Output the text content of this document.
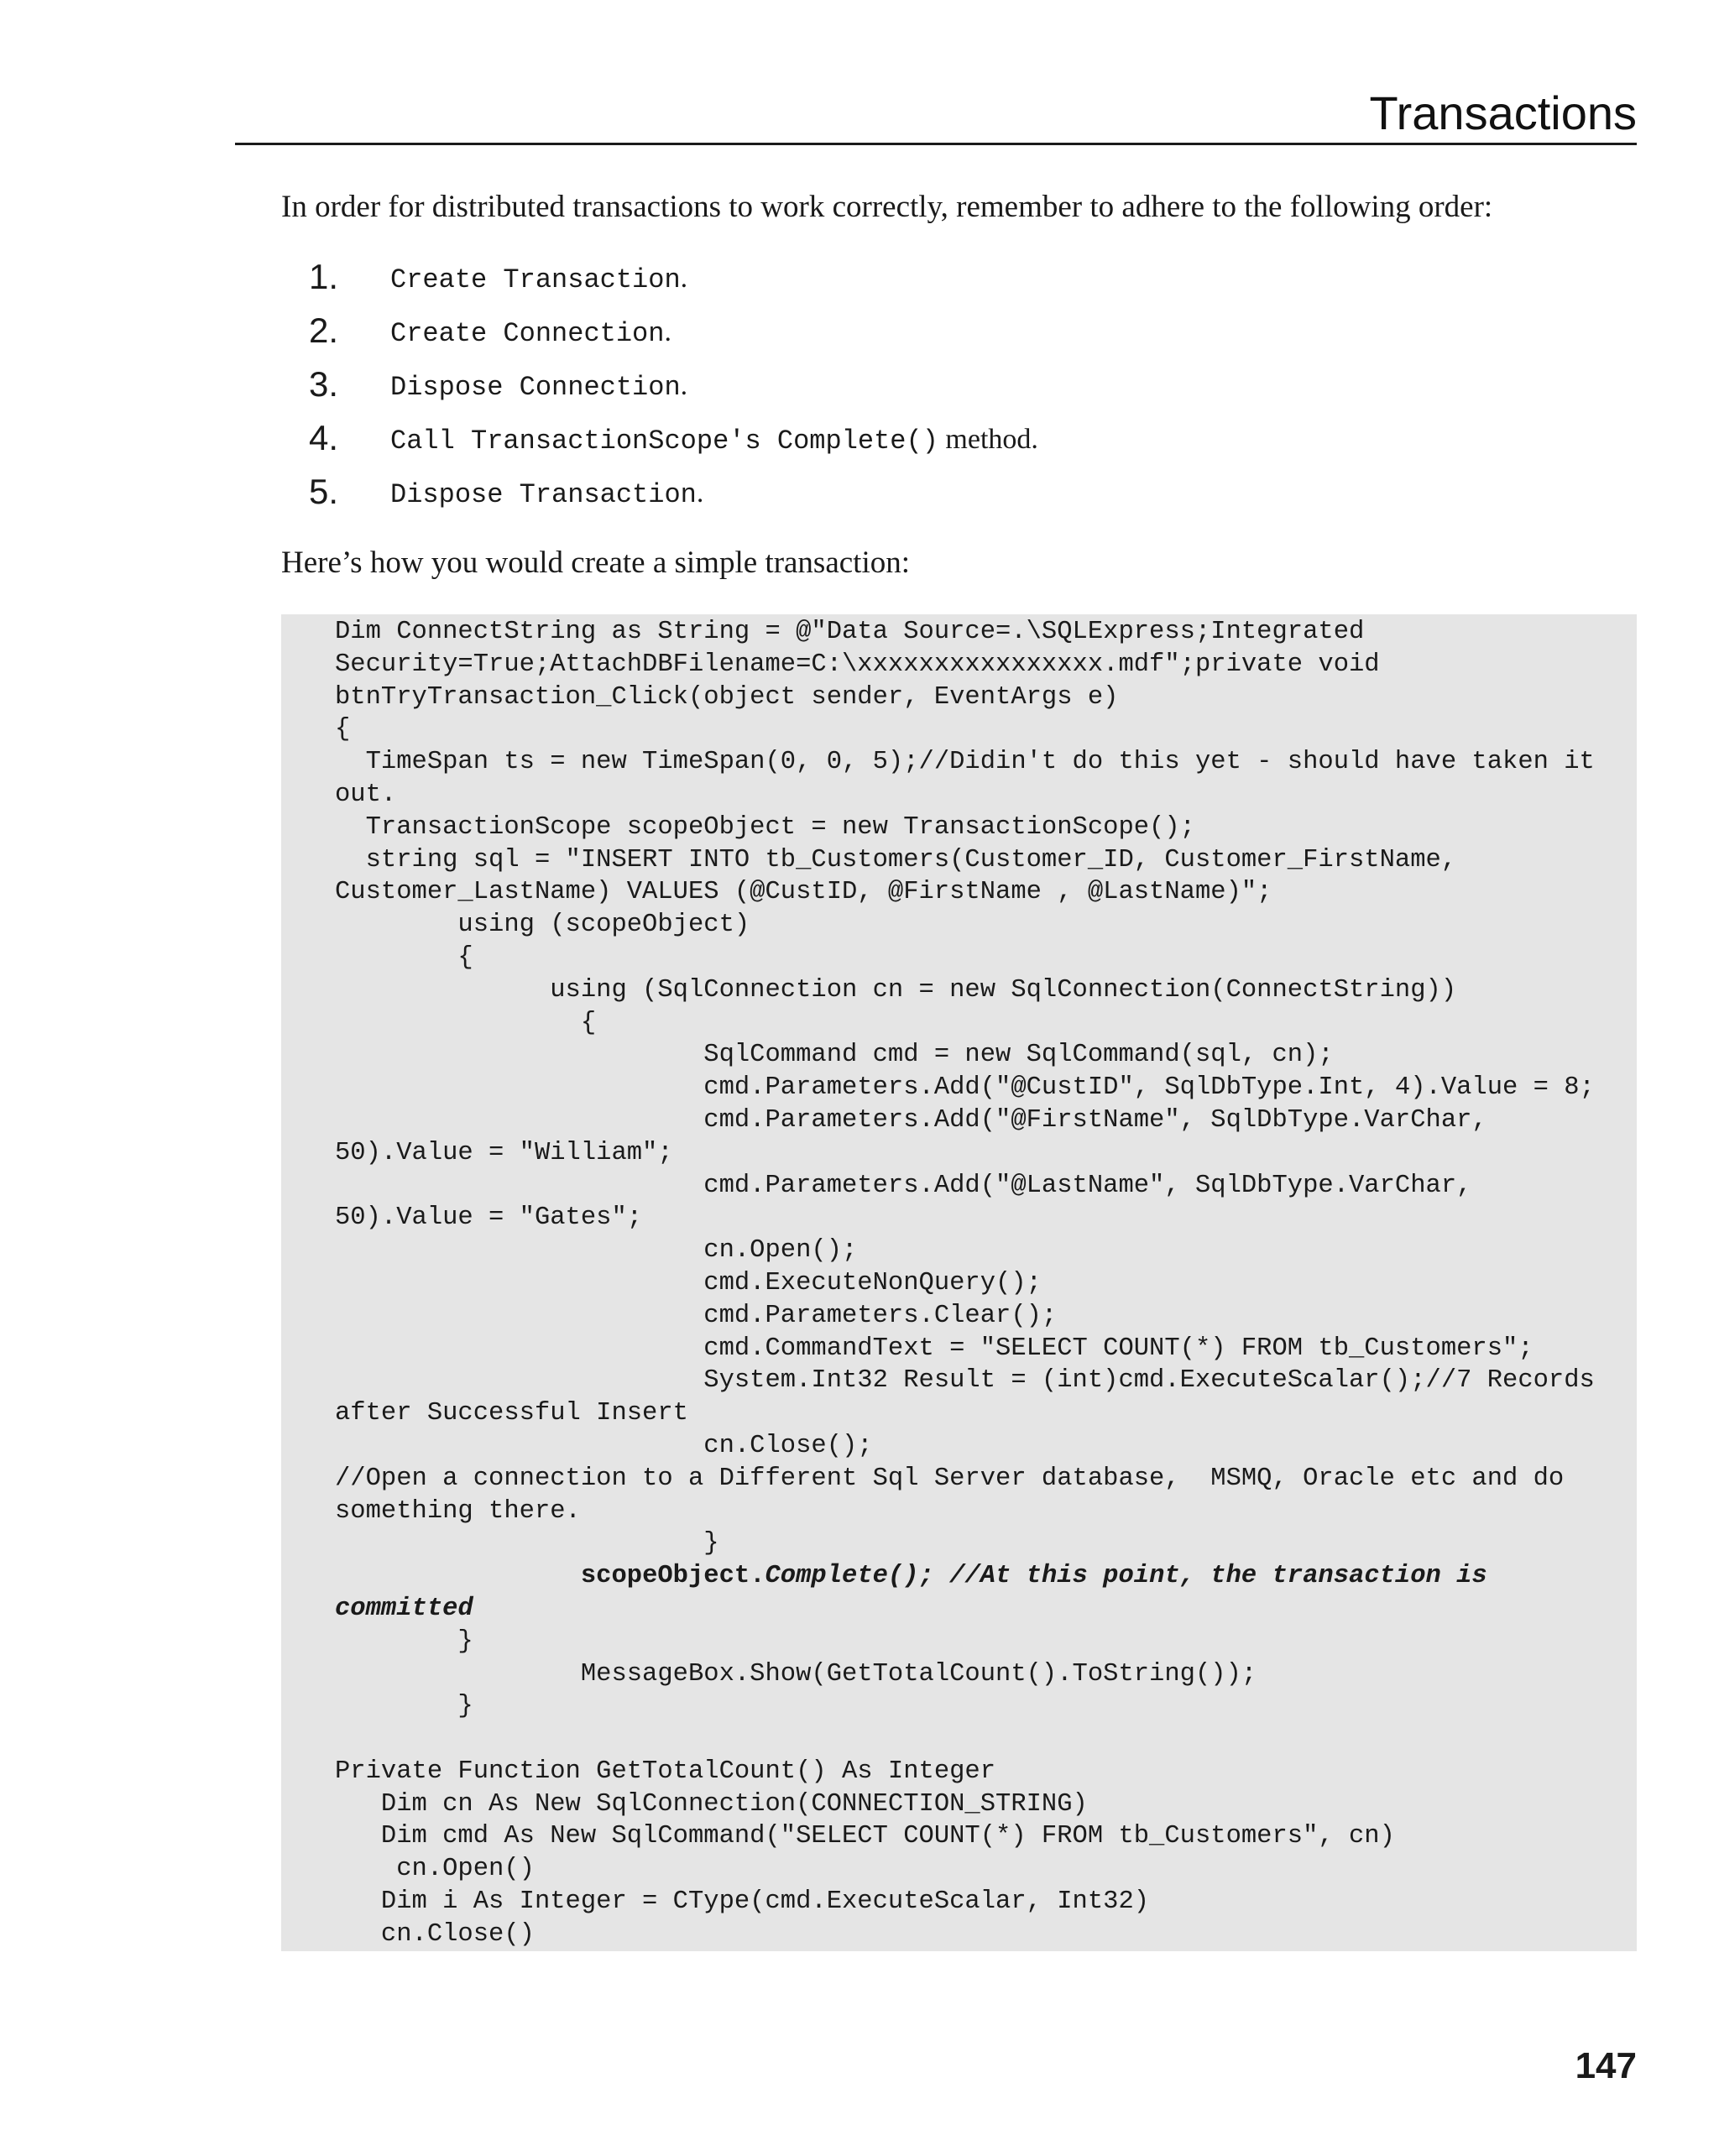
Transactions

In order for distributed transactions to work correctly, remember to adhere to the following order:

1. Create Transaction.
2. Create Connection.
3. Dispose Connection.
4. Call TransactionScope's Complete() method.
5. Dispose Transaction.

Here’s how you would create a simple transaction:

Dim ConnectString as String = @"Data Source=.\SQLExpress;Integrated
Security=True;AttachDBFilename=C:\xxxxxxxxxxxxxxxx.mdf";private void
btnTryTransaction_Click(object sender, EventArgs e)
{
TimeSpan ts = new TimeSpan(0, 0, 5);//Didin't do this yet - should have taken it
out.
TransactionScope scopeObject = new TransactionScope();
string sql = "INSERT INTO tb_Customers(Customer_ID, Customer_FirstName,
Customer_LastName) VALUES (@CustID, @FirstName , @LastName)";
using (scopeObject)
{
using (SqlConnection cn = new SqlConnection(ConnectString))
{
SqlCommand cmd = new SqlCommand(sql, cn);
cmd.Parameters.Add("@CustID", SqlDbType.Int, 4).Value = 8;
cmd.Parameters.Add("@FirstName", SqlDbType.VarChar,
50).Value = "William";
cmd.Parameters.Add("@LastName", SqlDbType.VarChar,
50).Value = "Gates";
cn.Open();
cmd.ExecuteNonQuery();
cmd.Parameters.Clear();
cmd.CommandText = "SELECT COUNT(*) FROM tb_Customers";
System.Int32 Result = (int)cmd.ExecuteScalar();//7 Records
after Successful Insert
cn.Close();
//Open a connection to a Different Sql Server database,  MSMQ, Oracle etc and do
something there.
}
scopeObject.Complete(); //At this point, the transaction is
committed
}
MessageBox.Show(GetTotalCount().ToString());
}

Private Function GetTotalCount() As Integer
Dim cn As New SqlConnection(CONNECTION_STRING)
Dim cmd As New SqlCommand("SELECT COUNT(*) FROM tb_Customers", cn)
cn.Open()
Dim i As Integer = CType(cmd.ExecuteScalar, Int32)
cn.Close()

147
